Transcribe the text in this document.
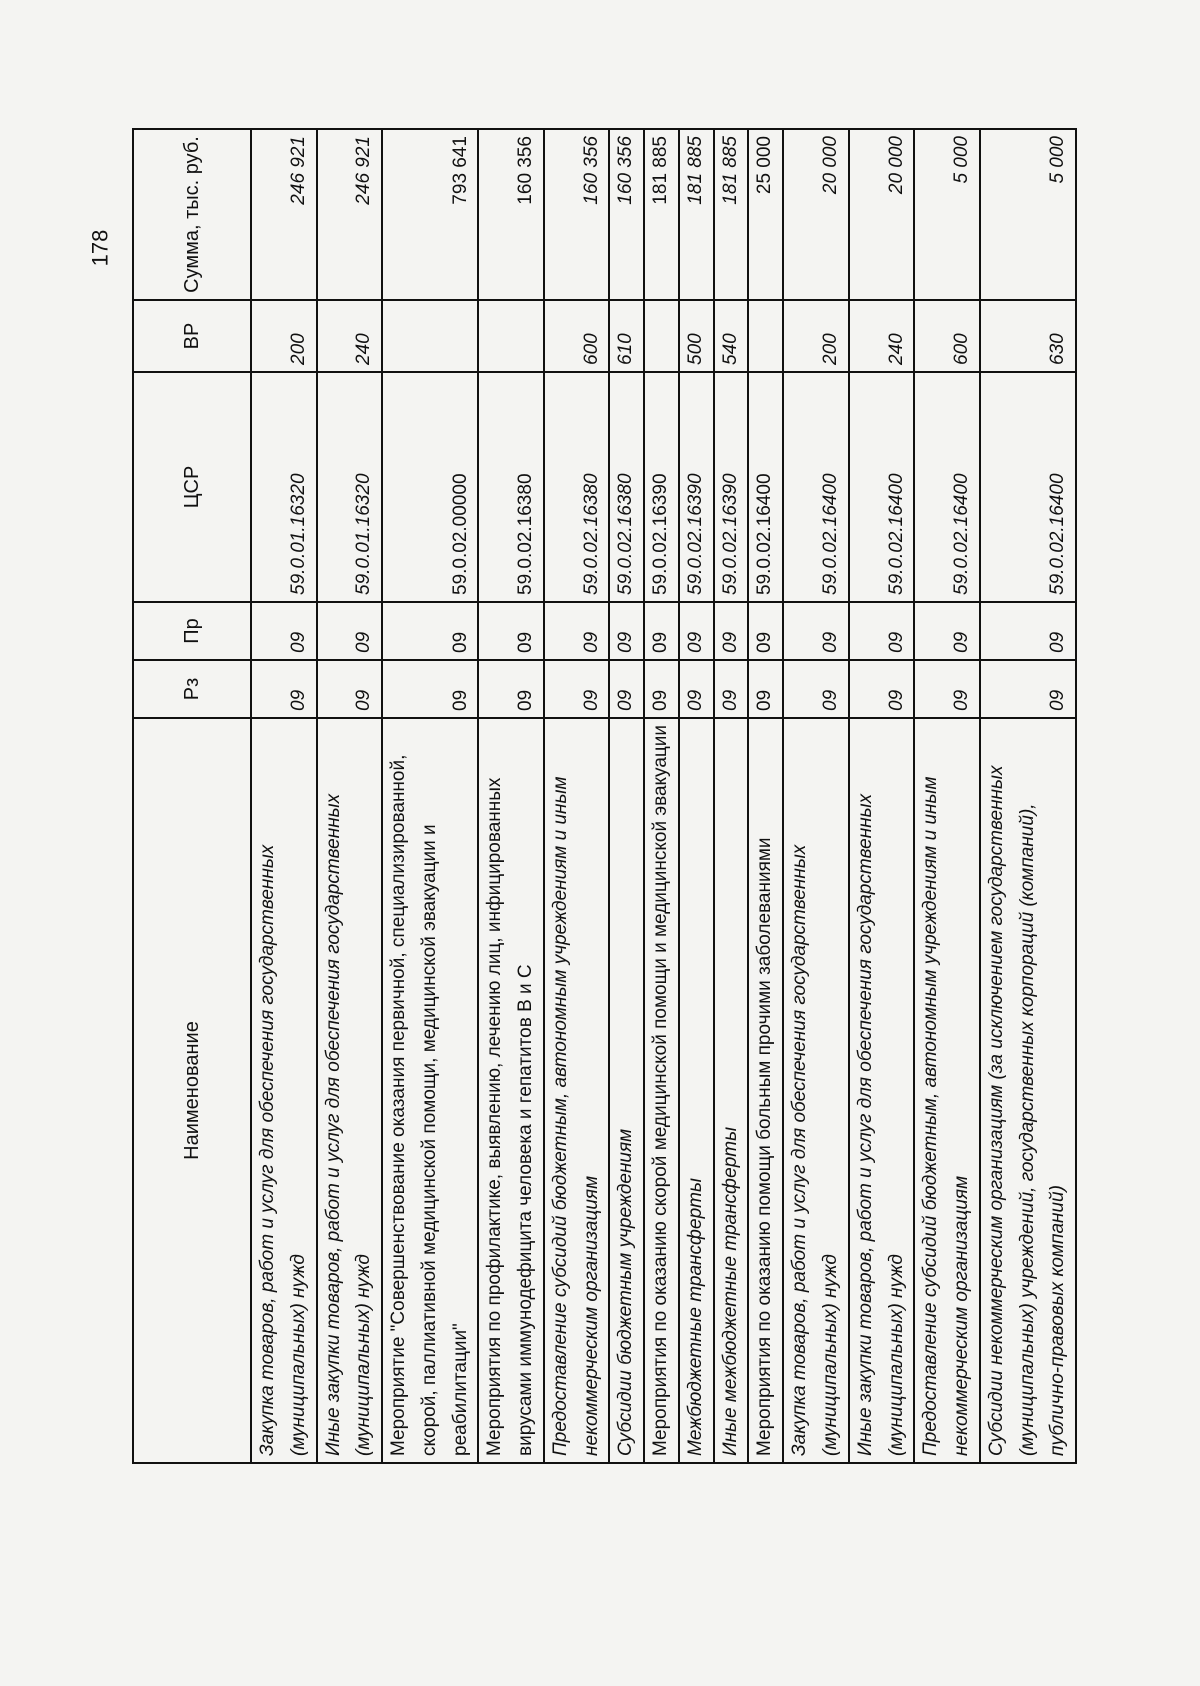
178
Наименование	Рз	Пр	ЦСР	ВР	Сумма, тыс. руб.
Закупка товаров, работ и услуг для обеспечения государственных (муниципальных) нужд	09	09	59.0.01.16320	200	246 921
Иные закупки товаров, работ и услуг для обеспечения государственных (муниципальных) нужд	09	09	59.0.01.16320	240	246 921
Мероприятие "Совершенствование оказания первичной, специализированной, скорой, паллиативной медицинской помощи, медицинской эвакуации и реабилитации"	09	09	59.0.02.00000		793 641
Мероприятия по профилактике, выявлению, лечению лиц, инфицированных вирусами иммунодефицита человека и гепатитов B и C	09	09	59.0.02.16380		160 356
Предоставление субсидий бюджетным, автономным учреждениям и иным некоммерческим организациям	09	09	59.0.02.16380	600	160 356
Субсидии бюджетным учреждениям	09	09	59.0.02.16380	610	160 356
Мероприятия по оказанию скорой медицинской помощи и медицинской эвакуации	09	09	59.0.02.16390		181 885
Межбюджетные трансферты	09	09	59.0.02.16390	500	181 885
Иные межбюджетные трансферты	09	09	59.0.02.16390	540	181 885
Мероприятия по оказанию помощи больным прочими заболеваниями	09	09	59.0.02.16400		25 000
Закупка товаров, работ и услуг для обеспечения государственных (муниципальных) нужд	09	09	59.0.02.16400	200	20 000
Иные закупки товаров, работ и услуг для обеспечения государственных (муниципальных) нужд	09	09	59.0.02.16400	240	20 000
Предоставление субсидий бюджетным, автономным учреждениям и иным некоммерческим организациям	09	09	59.0.02.16400	600	5 000
Субсидии некоммерческим организациям (за исключением государственных (муниципальных) учреждений, государственных корпораций (компаний), публично-правовых компаний)	09	09	59.0.02.16400	630	5 000
